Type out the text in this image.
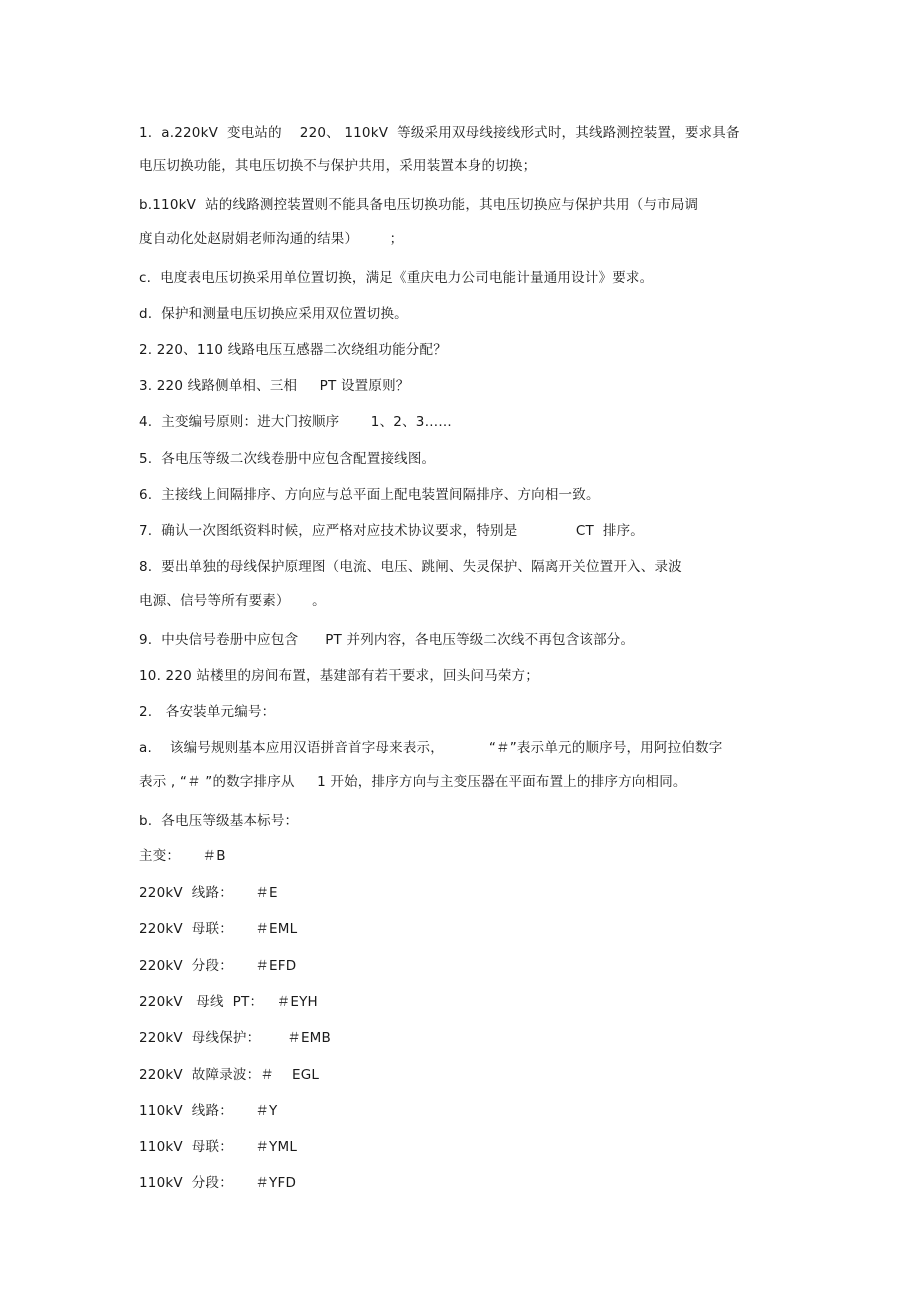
1.  a.220kV  变电站的    220、 110kV  等级采用双母线接线形式时，其线路测控装置，要求具备
电压切换功能，其电压切换不与保护共用，采用装置本身的切换；
b.110kV  站的线路测控装置则不能具备电压切换功能，其电压切换应与保护共用（与市局调
度自动化处赵尉娟老师沟通的结果）       ；
c.  电度表电压切换采用单位置切换，满足《重庆电力公司电能计量通用设计》要求。
d.  保护和测量电压切换应采用双位置切换。
2. 220、110 线路电压互感器二次绕组功能分配？
3. 220 线路侧单相、三相     PT 设置原则？
4.  主变编号原则：进大门按顺序       1、2、3……
5.  各电压等级二次线卷册中应包含配置接线图。
6.  主接线上间隔排序、方向应与总平面上配电装置间隔排序、方向相一致。
7.  确认一次图纸资料时候，应严格对应技术协议要求，特别是             CT  排序。
8.  要出单独的母线保护原理图（电流、电压、跳闸、失灵保护、隔离开关位置开入、录波
电源、信号等所有要素）     。
9.  中央信号卷册中应包含      PT 并列内容，各电压等级二次线不再包含该部分。
10. 220 站楼里的房间布置，基建部有若干要求，回头问马荣方；
2.   各安装单元编号：
a.    该编号规则基本应用汉语拼音首字母来表示，          “＃”表示单元的顺序号，用阿拉伯数字
表示 , “＃ ”的数字排序从     1 开始，排序方向与主变压器在平面布置上的排序方向相同。
b.  各电压等级基本标号：
主变：     ＃B
220kV  线路：     ＃E
220kV  母联：     ＃EML
220kV  分段：     ＃EFD
220kV   母线  PT：   ＃EYH
220kV  母线保护：      ＃EMB
220kV  故障录波：＃    EGL
110kV  线路：     ＃Y
110kV  母联：     ＃YML
110kV  分段：     ＃YFD
